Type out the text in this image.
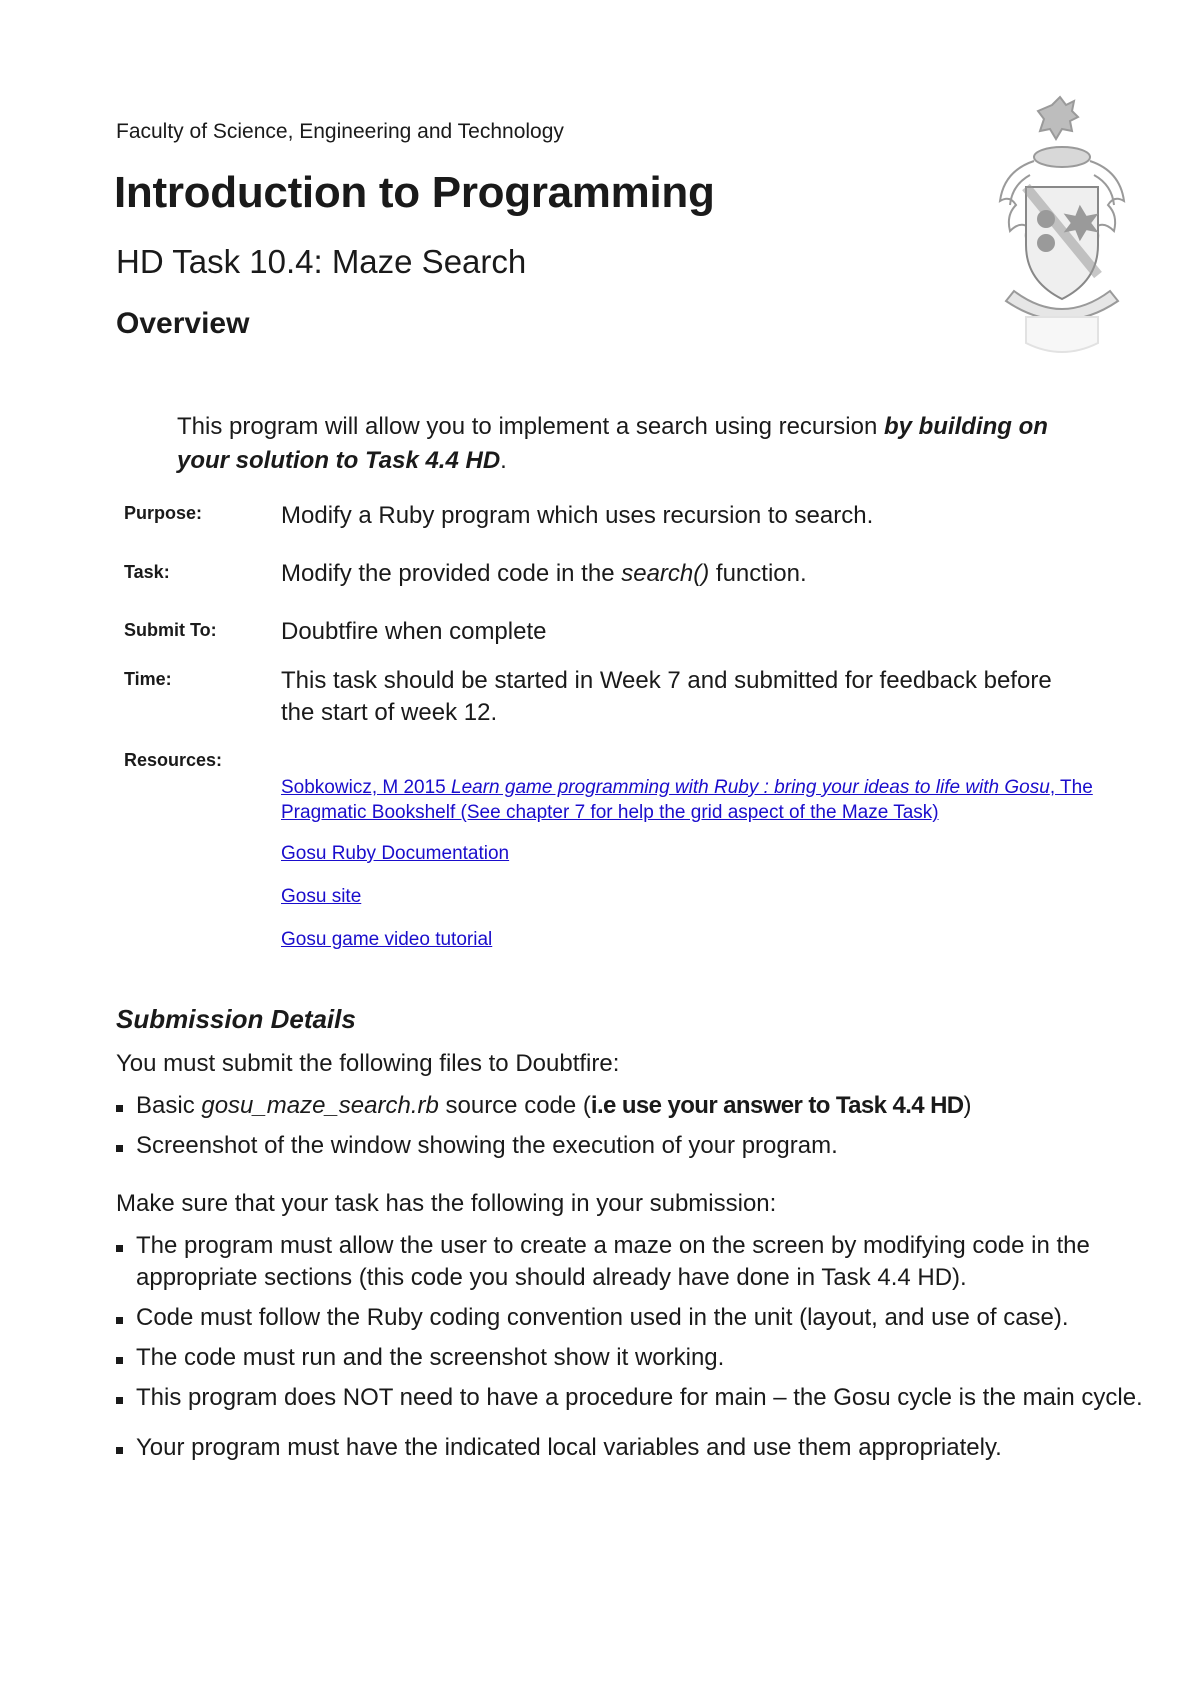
Faculty of Science, Engineering and Technology
Introduction to Programming
HD Task 10.4: Maze Search
Overview
This program will allow you to implement a search using recursion by building on your solution to Task 4.4 HD.
Purpose:	Modify a Ruby program which uses recursion to search.
Task:	Modify the provided code in the search() function.
Submit To:	Doubtfire when complete
Time:	This task should be started in Week 7 and submitted for feedback before the start of week 12.
Resources:
Sobkowicz, M 2015 Learn game programming with Ruby : bring your ideas to life with Gosu, The Pragmatic Bookshelf (See chapter 7 for help the grid aspect of the Maze Task)
Gosu Ruby Documentation
Gosu site
Gosu game video tutorial
Submission Details
You must submit the following files to Doubtfire:
Basic gosu_maze_search.rb source code (i.e use your answer to Task 4.4 HD)
Screenshot of the window showing the execution of your program.
Make sure that your task has the following in your submission:
The program must allow the user to create a maze on the screen by modifying code in the appropriate sections (this code you should already have done in Task 4.4 HD).
Code must follow the Ruby coding convention used in the unit (layout, and use of case).
The code must run and the screenshot show it working.
This program does NOT need to have a procedure for main – the Gosu cycle is the main cycle.
Your program must have the indicated local variables and use them appropriately.
